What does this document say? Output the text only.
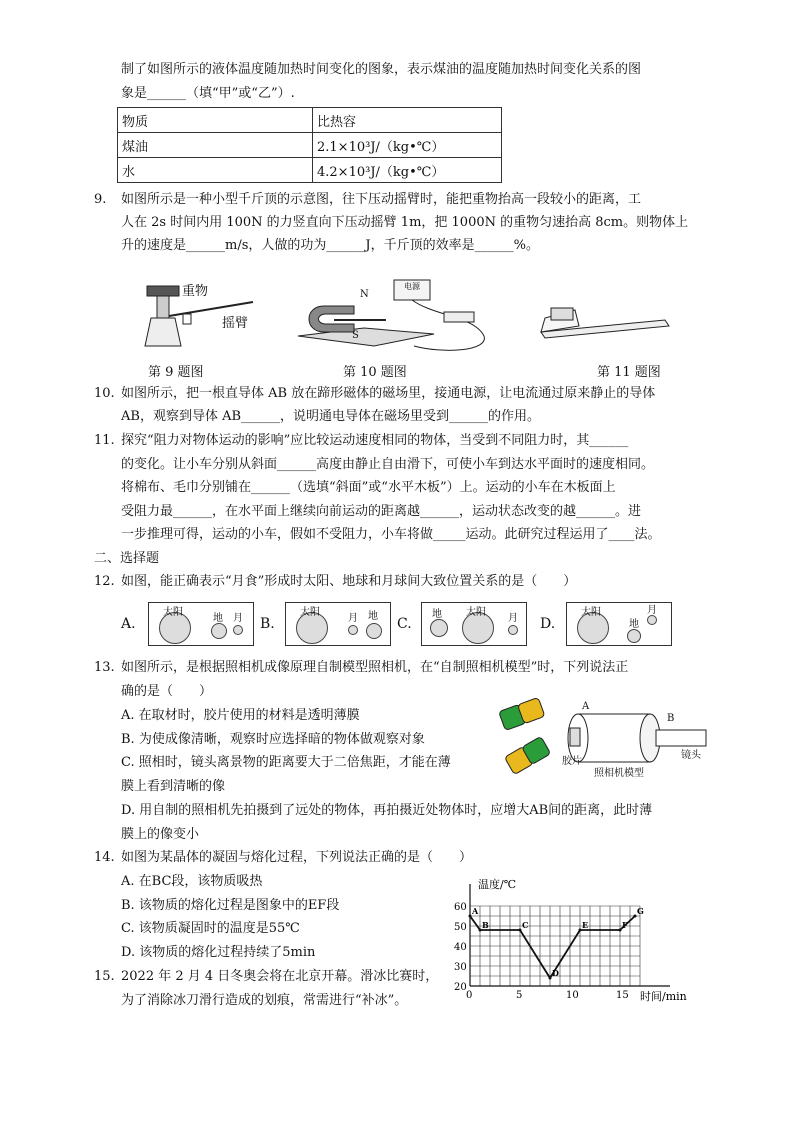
制了如图所示的液体温度随加热时间变化的图象，表示煤油的温度随加热时间变化关系的图
象是______（填“甲”或“乙”）.
物质	比热容
煤油	2.1×10³J/（kg•℃）
水	4.2×10³J/（kg•℃）
9. 如图所示是一种小型千斤顶的示意图，往下压动摇臂时，能把重物抬高一段较小的距离，工
人在 2s 时间内用 100N 的力竖直向下压动摇臂 1m，把 1000N 的重物匀速抬高 8cm。则物体上
升的速度是______m/s，人做的功为______J，千斤顶的效率是______%。
重物
摇臂
N
S
电源
第 9 题图	第 10 题图	第 11 题图
10. 如图所示，把一根直导体 AB 放在蹄形磁体的磁场里，接通电源，让电流通过原来静止的导体
AB，观察到导体 AB______，说明通电导体在磁场里受到______的作用。
11. 探究“阻力对物体运动的影响”应比较运动速度相同的物体，当受到不同阻力时，其______
的变化。让小车分别从斜面______高度由静止自由滑下，可使小车到达水平面时的速度相同。
将棉布、毛巾分别铺在______（选填“斜面”或“水平木板”）上。运动的小车在木板面上
受阻力最______，在水平面上继续向前运动的距离越______，运动状态改变的越______。进
一步推理可得，运动的小车，假如不受阻力，小车将做_____运动。此研究过程运用了____法。
二、选择题
12. 如图，能正确表示“月食”形成时太阳、地球和月球间大致位置关系的是（　　）
A.
太阳
地 月 B.
太阳
月 地 C.
地 太阳
月 D.
太阳
地
月
13. 如图所示，是根据照相机成像原理自制模型照相机，在“自制照相机模型”时，下列说法正
确的是（　　）
A. 在取材时，胶片使用的材料是透明薄膜
B. 为使成像清晰，观察时应选择暗的物体做观察对象
C. 照相时，镜头离景物的距离要大于二倍焦距，才能在薄
膜上看到清晰的像
D. 用自制的照相机先拍摄到了远处的物体，再拍摄近处物体时，应增大AB间的距离，此时薄
膜上的像变小
A
B
胶片
镜头
照相机模型
14. 如图为某晶体的凝固与熔化过程，下列说法正确的是（　　）
A. 在BC段，该物质吸热
B. 该物质的熔化过程是图象中的EF段
C. 该物质凝固时的温度是55℃
D. 该物质的熔化过程持续了5min
15. 2022 年 2 月 4 日冬奥会将在北京开幕。滑冰比赛时，
为了消除冰刀滑行造成的划痕，常需进行“补冰”。	0	5	10	15
20
30
40
50
60 A
B	C
D
E	F
G
温度/℃
时间/min
